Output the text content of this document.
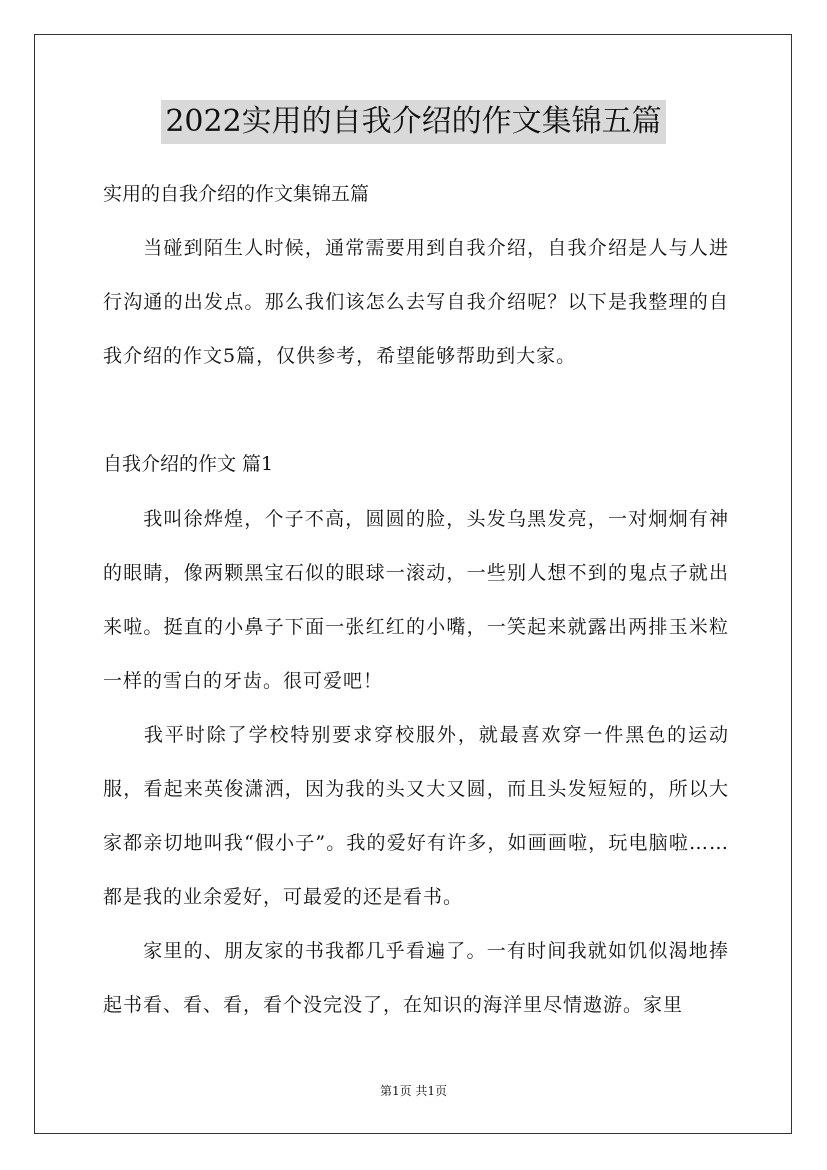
2022实用的自我介绍的作文集锦五篇
实用的自我介绍的作文集锦五篇
当碰到陌生人时候，通常需要用到自我介绍，自我介绍是人与人进行沟通的出发点。那么我们该怎么去写自我介绍呢？以下是我整理的自我介绍的作文5篇，仅供参考，希望能够帮助到大家。
自我介绍的作文 篇1
我叫徐烨煌，个子不高，圆圆的脸，头发乌黑发亮，一对炯炯有神的眼睛，像两颗黑宝石似的眼球一滚动，一些别人想不到的鬼点子就出来啦。挺直的小鼻子下面一张红红的小嘴，一笑起来就露出两排玉米粒一样的雪白的牙齿。很可爱吧！
我平时除了学校特别要求穿校服外，就最喜欢穿一件黑色的运动服，看起来英俊潇洒，因为我的头又大又圆，而且头发短短的，所以大家都亲切地叫我“假小子”。我的爱好有许多，如画画啦，玩电脑啦……都是我的业余爱好，可最爱的还是看书。
家里的、朋友家的书我都几乎看遍了。一有时间我就如饥似渴地捧起书看、看、看，看个没完没了，在知识的海洋里尽情遨游。家里
第1页 共1页
